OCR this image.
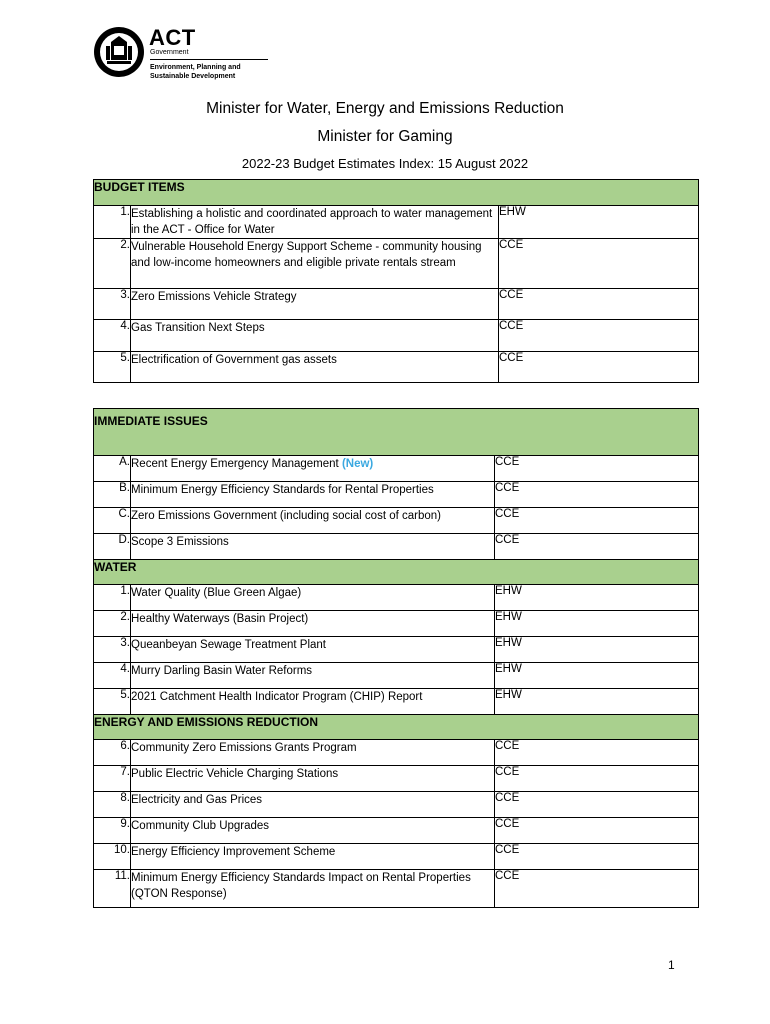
ACT
Government
Environment, Planning and Sustainable Development
Minister for Water, Energy and Emissions Reduction
Minister for Gaming
2022-23 Budget Estimates Index: 15 August 2022
BUDGET ITEMS		
1.	Establishing a holistic and coordinated approach to water management in the ACT - Office for Water	EHW
2.	Vulnerable Household Energy Support Scheme - community housing and low-income homeowners and eligible private rentals stream	CCE
3.	Zero Emissions Vehicle Strategy	CCE
4.	Gas Transition Next Steps	CCE
5.	Electrification of Government gas assets	CCE
IMMEDIATE ISSUES		
A.	Recent Energy Emergency Management (New)	CCE
B.	Minimum Energy Efficiency Standards for Rental Properties	CCE
C.	Zero Emissions Government (including social cost of carbon)	CCE
D.	Scope 3 Emissions	CCE
WATER		
1.	Water Quality (Blue Green Algae)	EHW
2.	Healthy Waterways (Basin Project)	EHW
3.	Queanbeyan Sewage Treatment Plant	EHW
4.	Murry Darling Basin Water Reforms	EHW
5.	2021 Catchment Health Indicator Program (CHIP) Report	EHW
ENERGY AND EMISSIONS REDUCTION		
6.	Community Zero Emissions Grants Program	CCE
7.	Public Electric Vehicle Charging Stations	CCE
8.	Electricity and Gas Prices	CCE
9.	Community Club Upgrades	CCE
10.	Energy Efficiency Improvement Scheme	CCE
11.	Minimum Energy Efficiency Standards Impact on Rental Properties (QTON Response)	CCE
1
